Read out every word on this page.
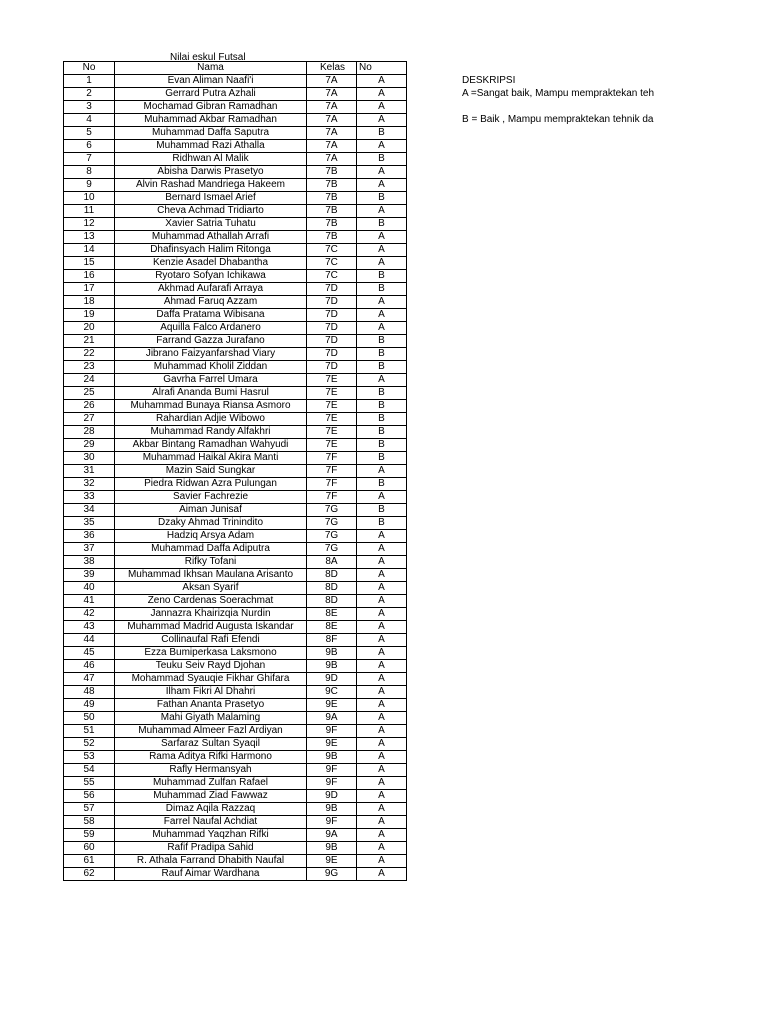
Nilai eskul Futsal
No	Nama	Kelas	No
1	Evan Aliman Naafi'i	7A	A
2	Gerrard Putra Azhali	7A	A
3	Mochamad Gibran Ramadhan	7A	A
4	Muhammad Akbar Ramadhan	7A	A
5	Muhammad Daffa Saputra	7A	B
6	Muhammad Razi Athalla	7A	A
7	Ridhwan Al Malik	7A	B
8	Abisha Darwis Prasetyo	7B	A
9	Alvin Rashad Mandriega Hakeem	7B	A
10	Bernard Ismael Arief	7B	B
11	Cheva Achmad Tridiarto	7B	A
12	Xavier Satria Tuhatu	7B	B
13	Muhammad Athallah Arrafi	7B	A
14	Dhafinsyach Halim Ritonga	7C	A
15	Kenzie Asadel Dhabantha	7C	A
16	Ryotaro Sofyan Ichikawa	7C	B
17	Akhmad Aufarafi Arraya	7D	B
18	Ahmad Faruq Azzam	7D	A
19	Daffa Pratama Wibisana	7D	A
20	Aquilla Falco Ardanero	7D	A
21	Farrand Gazza Jurafano	7D	B
22	Jibrano Faizyanfarshad Viary	7D	B
23	Muhammad Kholil Ziddan	7D	B
24	Gavrha Farrel Umara	7E	A
25	Alrafi Ananda Bumi Hasrul	7E	B
26	Muhammad Bunaya Riansa Asmoro	7E	B
27	Rahardian Adjie Wibowo	7E	B
28	Muhammad Randy Alfakhri	7E	B
29	Akbar Bintang Ramadhan Wahyudi	7E	B
30	Muhammad Haikal Akira Manti	7F	B
31	Mazin Said Sungkar	7F	A
32	Piedra Ridwan Azra Pulungan	7F	B
33	Savier Fachrezie	7F	A
34	Aiman Junisaf	7G	B
35	Dzaky Ahmad Trinindito	7G	B
36	Hadziq Arsya Adam	7G	A
37	Muhammad Daffa Adiputra	7G	A
38	Rifky Tofani	8A	A
39	Muhammad Ikhsan Maulana Arisanto	8D	A
40	Aksan Syarif	8D	A
41	Zeno Cardenas Soerachmat	8D	A
42	Jannazra Khairizqia Nurdin	8E	A
43	Muhammad Madrid Augusta Iskandar	8E	A
44	Collinaufal Rafi Efendi	8F	A
45	Ezza Bumiperkasa Laksmono	9B	A
46	Teuku Seiv Rayd Djohan	9B	A
47	Mohammad Syauqie Fikhar Ghifara	9D	A
48	Ilham Fikri Al Dhahri	9C	A
49	Fathan Ananta Prasetyo	9E	A
50	Mahi Giyath Malaming	9A	A
51	Muhammad Almeer Fazl Ardiyan	9F	A
52	Sarfaraz Sultan Syaqil	9E	A
53	Rama Aditya Rifki Harmono	9B	A
54	Rafly Hermansyah	9F	A
55	Muhammad Zulfan Rafael	9F	A
56	Muhammad Ziad Fawwaz	9D	A
57	Dimaz Aqila Razzaq	9B	A
58	Farrel Naufal Achdiat	9F	A
59	Muhammad Yaqzhan Rifki	9A	A
60	Rafif Pradipa Sahid	9B	A
61	R. Athala Farrand Dhabith Naufal	9E	A
62	Rauf Aimar Wardhana	9G	A
DESKRIPSI
A =Sangat baik, Mampu mempraktekan teh
B = Baik , Mampu mempraktekan tehnik da
